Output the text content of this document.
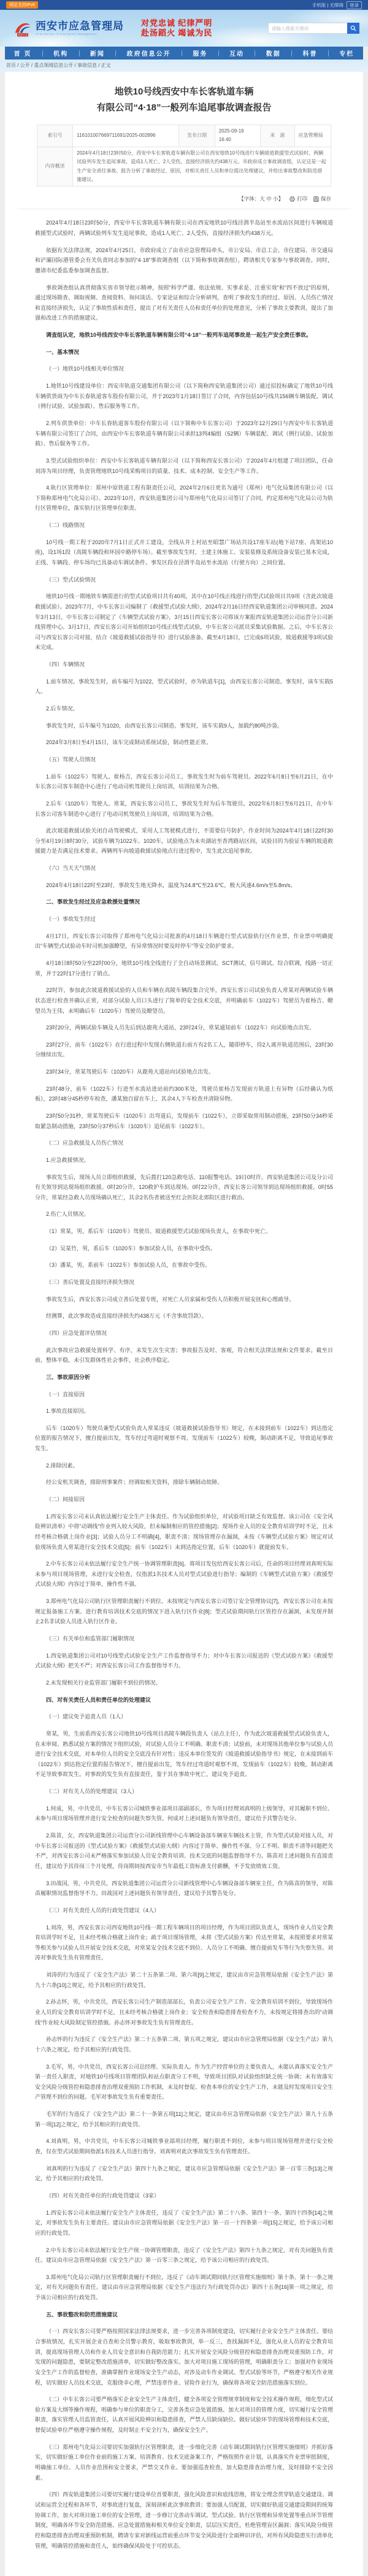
网站支持IPv6	手机版 | 无障碍	登录
西安应急
西安市应急管理局
Xi'an Bureau of Emergency Management
对党忠诚 纪律严明
赴汤蹈火 竭诚为民
请输入搜索关键词
首 页	机构	新闻	政府信息公开	服务	互动	数据	科普	专栏
首页 / 公开 / 重点领域信息公开 / 事故信息 / 正文
地铁10号线西安中车长客轨道车辆
有限公司“4·18”一般列车追尾事故调查报告
索引号	116101007669711691/2025-002896	发布日期	2025-09-19 16:40	来　源	应急管理局
内容概述	2024年4月18日23时50分，西安中车长客轨道车辆有限公司在西安地铁10号线进行车辆坡道救援型式试验时，两辆试验列车发生追尾事故，造成1人死亡、2人受伤，直接经济损失约438万元。市政府成立事故调查组，认定这是一起生产安全责任事故。报告分析了事故经过、原因，对相关责任人员和单位提出处理建议，并给出事故整改和防范措施建议。				
【字体：大 中 小】	打印	保存

2024年4月18日23时50分，西安中车长客轨道车辆有限公司在西安地铁10号线泾渭半岛站至水流站区间进行车辆坡道救援型式试验时，两辆试验列车发生追尾事故，造成1人死亡、2人受伤，直接经济损失约438万元。

依据有关法律法规，2024年4月25日，市政府成立了由市应急管理局牵头，市公安局、市总工会、市住建局、市交通局和浐灞国际港管委会有关负责同志参加的“4·18”事故调查组（以下简称事故调查组），聘请相关专家参与事故调查。同时，邀请市纪委监委参加调查监督。

事故调查组认真贯彻落实省市领导批示精神，按照“科学严谨、依法依规、实事求是、注重实效”和“四不放过”的原则，通过现场勘查、调取视频、查阅资料、询问谈话、专家论证和综合分析研判，查明了事故发生的经过、原因、人员伤亡情况和直接经济损失，认定了事故性质和责任，提出了对有关责任人员和责任单位的处理意见，分析了事故主要教训，提出了加强和改进工作的措施建议。

调查组认定，地铁10号线西安中车长客轨道车辆有限公司“4·18”一般列车追尾事故是一起生产安全责任事故。

一、基本情况

（一）地铁10号线相关单位情况

1.地铁10号线建设单位：西安市轨道交通集团有限公司（以下简称西安轨道集团公司）通过招投标确定了地铁10号线车辆供货商为中车长春轨道客车股份有限公司，并于2023年1月18日签订了合同，内容包括10号线共156辆车辆装配、调试（例行试验、试验加载）、售后服务等工作。

2.列车供货单位：中车长春轨道客车股份有限公司（以下简称中车长客公司）于2023年12月29日与西安中车长客轨道车辆有限公司签订了合同，由西安中车长客轨道车辆有限公司承担13列4编组（52辆）车辆装配、调试（例行试验、试验加载）、售后服务等工作。

3.型式试验组织单位：西安中车长客轨道车辆有限公司（以下简称西安长客公司）于2024年4月组建了项目团队，任命刘涛为项目经理，负责管理地铁10号线采购项目的质量、技术、成本控制、安全生产等工作。

4.轨行区管理单位：郑州中原铁道工程有限责任公司，2024年2月6日更名为通号（郑州）电气化局集团有限公司（以下简称郑州电气化局公司）。2023年10月，西安轨道集团公司与郑州电气化局公司签订了合同，约定郑州电气化局公司为轨行区管理单位，落实轨行区管理单位职责。

（二）线路情况

10号线一期工程于2020年7月1日正式开工建设，全线从井上村站至昭慧广场站共设17座车站(地下站7座、高架站10座)，设1场1段（高陵车辆段和环园中路停车场）。截至事故发生时，土建主体施工、安装装修及系统设备安装已基本完成，正线、车辆段、停车场均已具备动车调试条件。事发区段在泾渭半岛站至水流站（行驶方向）之间位置。

（三）型式试验情况

地铁10号线一期地铁车辆需进行的型式试验项目共有40项，其中在10号线正线进行的型式试验项目共9项（含此次坡道救援试验）。2023年7月，中车长客公司编制了《救援型式试验大纲》，2024年2月16日经西安轨道集团公司审核同意。2024年3月13日，中车长客公司制定了《车辆型式试验方案》，3月15日西安长客公司将该方案报西安轨道集团公司运营分公司新线管理中心。3月17日，西安长客公司开始组织10号线正线型式试验，中车长客公司派员采集试验数据。之后，中车长客公司与西安长客公司对接，结合《坡道救援试验指导书》进行试验准备。截至4月18日，已完成6项试验，坡道救援等3项试验未完成。

（四）车辆情况

1.前车情况。事故发生时，前车编号为1022，型式试验时，亦为轨道车[1]，由西安长客公司制造。事发时，该车实载5人。

2.后车情况。

事故发生时，后车编号为1020，由西安长客公司制造。事发时，该车实载9人，加载约80吨沙袋。

2024年3月8日至4月15日，该车完成制动系统试验，制动性能正常。

（五）驾驶人员情况

1.前车（1022车）驾驶人。崔杨吉，西安长客公司员工，事故发生时为前车驾驶员。2022年6月8日至6月21日，在中车长客公司客车制造中心进行了电动司机驾驶员上岗培训，培训结果为合格。

2.后车（1020车）驾驶人。常某，西安长客公司员工，事故发生时为后车驾驶员。2022年6月8日至6月21日，在中车长客公司客车制造中心进行了电动司机驾驶员上岗培训，培训结果为合格。

此次坡道救援试验关闭自动驾驶模式，采用人工驾驶模式进行，不需要信号防护。作业时间为2024年4月18日22时30分至4月19日8时30分，试验车辆为1022车、1020车，试验地点为未央湖站至香湾路站区间，试验目的为验证车辆的坡道救援能力是否满足技术要求。两辆列车向坡道救援试验地点行进过程中，发生此次追尾事故。

（六）当天天气情况

2024年4月18日22时至23时，事故发生地无降水，温度为24.8℃至23.6℃，极大风速4.6m/s至5.8m/s。

二、事故发生经过及应急救援处置情况

（一）事故发生经过

4月17日，西安长客公司取得了郑州电气化局公司批准的4月18日车辆进行型式试验轨行区作业票，作业票中明确提出“车辆型式试验动车时司机加强瞭望，有异常情况时要及时停车”等安全防护要求。

4月18日8时50分至22时00分，地铁10号线全线进行了全自动场景测试、SCT测试、信号调试、综合联调，线路一切正常，并于22时17分进行了销点。

22时许，参加此次坡道救援试验的人员和车辆在高陵车辆段集合完毕，西安长客公司试验负责人常某对两辆试验车辆状态进行检查并确认正常，对部分试验人员口头进行了简单的安全技术交底，并明确前车（1022车）驾驶员为崔杨吉、瞭望员为王伟，未明确后车（1020车）驾驶员及瞭望员。

23时20分，两辆试验车辆及人员先后到达鹿苑大道站，23时24分，常某通知前车（1022车）向试验地点出发。

23时27分，前车（1022车）在行进过程中发现右侧轨道右前方有2名工人，随即停车，待2人离开轨道范围后，23时30分继续出发。

23时34分，常某驾驶后车（1020车）从鹿苑大道站向试验地点出发。

23时48分，前车（1022车）行进至水流站进站前约300米处，驾驶员崔杨吉发现前方轨道上有异物（后经确认为纸板），23时48分45秒停车检查，潘某独自留在车上，其余4人下车检查并清除异物。

23时50分31秒，常某驾驶后车（1020车）出弯道后，发现前车（1022车），立即采取常用制动措施，23时50分34秒采取紧急制动措施，23时50分37秒后车（1020车）追尾前车（1022车）。

（二）应急救援及人员伤亡情况

1.应急救援情况。

事故发生后，现场人员立即组织救援，先后拨打120急救电话、110报警电话。19日0时许，西安轨道集团公司及分公司有关领导到达现场组织救援。0时20分许，120救护车到达现场。0时22分许，西安长客公司领导到达现场组织救援。0时55分许，常某经急救人员现场确认死亡，其余2名伤者被送至红会医院北郊院区进行救治。

2.伤亡人员情况。

（1）常某，男，系后车（1020车）驾驶员、坡道救援型式试验现场负责人，在事故中死亡。

（2）吴某竹，男，系后车（1020车）参加试验人员，在事故中受伤。

（3）潘某，男，系前车（1022车）参加试验人员，在事故中受伤。

（三）善后处置及直接经济损失情况

事故发生后，西安长客公司成立善后处置专班，对死亡人员家属和受伤人员积极开展安抚和心理疏导。

经测算，此次事故造成直接经济损失约438万元（不含事故罚款）。

（四）应急处置评估情况

此次事故应急救援处置科学、有序，未发生次生灾害；事故报告及时、客观，符合相关法律法规和文件要求。截至目前，整体平稳，未引发群体性社会事件，社会秩序稳定。

三、事故原因分析

（一）直接原因

1.事故直接原因。

后车（1020车）驾驶员兼型式试验负责人常某违反《坡道救援试验指导书》规定，在未接到前车（1022车）到达指定位置的报告情况下，擅自提前出发，驾车经过弯道时观察不周，发现前车（1022车）较晚，制动距离不足，导致追尾事故发生。

2.排除因素。

经公安机关调查，排除刑事案件；经调取相关资料，排除车辆制动故障。

（二）间接原因

1.西安长客公司未认真依法履行安全生产主体责任。作为试验组织单位，对试验项目缺乏有效监督。该公司在《安全风险辨识清单》中将“动调线”作业列入较大风险，但未编制相应的管控措施[2]；现场作业人员的安全教育培训学时不足，且未经考核合格就上岗作业[3]；试验人员分工不明确[4]，职责不清；现场管理存在漏洞，未按《车辆型式试验方案》规定对试验现场负责人常某进行安全技术交底[5]；前车（1022车）未到达指定位置，后车（1020车）就提前发车。

2.中车长客公司未依法履行安全生产统一协调管理职责[6]。将项目发包给西安长客公司后，任命的项目经理刘真明实际未参与项目现场管理，未进行安全检查，仅指派1名技术人员对型式试验进行指导；编制的《车辆型式试验方案》《救援型式试验大纲》内容过于简单，操作性不强。

3.郑州电气化局公司轨行区管理职责履行不到位。未按规定与西安长客公司签订安全管理协议[7]，西安长客公司在未按规定报备施工方案、进行教育培训技术交底的情况下进入轨行区作业[8]；型式试验期间轨行区管控存在漏洞，未发现并制止2名非试验人员进入轨行区作业。

（三）有关单位和监管部门履职情况

1.西安轨道集团公司对10号线型式试验安全生产工作监督指导不力；对中车长客公司报送的《型式试验方案》《救援型式试验大纲》把关不严；对西安长客公司工作监督指导不力。

2.未发现相关行业监管部门履职不到位的情况。

四、对有关责任人员和责任单位的处理建议

（一）建议免予追责人员（1人）

常某，男，生前系西安长客公司地铁10号线项目高陵车辆段负责人（站点主任），作为此次坡道救援型式试验负责人，在未审阅、熟悉试验方案的情况下组织试验，对试验人员分工不明确、职责不清；试验前，未对现场其他单位参与试验人员进行安全技术交底，对本单位人员的安全交底没有针对性；违反本单位签发的《坡道救援试验指导书》规定，在未接到前车（1022车）到达指定位置的报告情况下，擅自提前出发，驾车经过弯道时观察不周，发现前车（1022车）较晚，制动距离不足导致事故发生。对事故的发生负有直接责任，鉴于其在事故中死亡，建议免予追责。

（二）对有关人员的处理建议（3人）

1.何成，男，中共党员，中车长客公司城铁事业部项目部副部长，作为项目经理刘真明的上级领导，对其履职不到位、未参与项目现场管理并进行安全检查的问题失察失管。何成对上述问题负有领导责任，建议给予其警告处分。

2.陈苗，女，西安轨道集团公司运营分公司新线管理中心车辆设备部车辆室车辆技术主管，作为型式试验对接人员，对中车长客公司报送的《型式试验方案》《救援型式试验大纲》内容过于简单、操作性不强、分工不明、职责不清等问题把关不严，对西安长客公司未严格落实参加试验人员安全教育培训、技术交底的问题监督指导不力。陈苗对上述问题负有直接责任，建议给予其待岗三个月处理，待岗期间按西安市当年最低工资标准支付薪酬，不予发放绩效工资。

3.田战国，男，中共党员，西安轨道集团公司运营分公司新线管理中心车辆设备部车辆室主任，作为陈苗的领导，对陈苗履职情况监督指导不力。田战国对上述问题负有领导责任，建议给予其警告处分。

（三）对有关责任人员的行政处罚建议（4人）

1.刘涛，男，西安长客公司西安地铁10号线一期工程车辆项目的项目经理，作为项目团队负责人，现场作业人员安全教育培训学时不足，且未经考核合格就上岗作业；疏于项目现场管理，未将《型式试验方案》传达至常某，未按照要求对常某等相关参与试验人员开展安全技术交底，对常某安全技术交底不到位、人员分工不明确、擅自提前发车等行为失察失管。刘涛对事故发生负有管理责任。

刘涛的行为违反了《安全生产法》第二十五条第二项、第六项[9]之规定，建议由市应急管理局依据《安全生产法》第九十六条[10]之规定，给予其相应的行政处罚。

2.孙志怀，男，中共党员，西安长客公司生产制造部部长，负责公司安全生产工作。安全教育培训不到位，导致现场作业人员的安全教育培训学时不足，且未经考核合格就上岗作业；安全检查和隐患排查检查不力，未按规定将排查出的“动调线”作业较大风险制定管控措施。孙志怀对事故发生负有管理责任。

孙志怀的行为违反了《安全生产法》第二十五条第二项、第五项之规定，建议由市应急管理局依据《安全生产法》第九十六条之规定，给予其相应的行政处罚。

3.毛军，男，中共党员，西安长客公司总经理、实际负责人。作为生产经营单位的主要负责人，未能认真落实安全生产第一责任人职责，对地铁10号线项目管理团队和站点职责分工不明，导致项目团队对试验组织缺乏统一协调；未有效落实安全风险分级管控和隐患排查治理双重预防工作机制，未及时督促、检查本单位的安全生产工作，未能及时发现项目安全生产管理不到位的问题。毛军对事故发生负有重要责任。

毛军的行为违反了《安全生产法》第二十一条第五项[11]之规定，建议由市应急管理局依据《安全生产法》第九十五条第一项[12]之规定，给予其相应的行政处罚。

4.刘真明，男，中共党员，中车长客公司城铁事业部项目经理，履行职责不到位，未参与项目现场管理并进行安全检查，仅在型式试验期间指派1名技术人员进行指导。刘真明对此次事故发生负有管理责任。

刘真明的行为违反了《安全生产法》第四十九条之规定，建议市应急管理局依据《安全生产法》第一百零三条[13]之规定，给予其相应的行政处罚。

（四）对有关责任单位的行政处罚建议（3家）

1.西安长客公司未依法履行安全生产主体责任，违反了《安全生产法》第二十八条、第四十一条、第四十四条[14]之规定，对事故发生负有主要责任。建议由市应急管理局依据《安全生产法》第一百一十四条第一项[15]之规定，给予该公司相应的行政处罚。

2.中车长客公司未依法履行安全生产统一协调管理职责，违反了《安全生产法》第四十九条之规定，对有关问题负有责任。建议由市应急管理局依据《安全生产法》第一百零三条之规定，给予该公司相应的行政处罚。

3.郑州电气化局公司轨行区管理职责履行不到位，违反了《动车调试期间轨行区管理实施细则》第十条、第十一条之规定，对有关问题负有责任。建议由市应急管理局依据《安全生产违法行为行政处罚办法》第四十五条[16]第一项之规定，给予该公司相应的行政处罚。

五、事故整改和防范措施建议

（一）西安长客公司要严格按照国家法律法规要求，进一步完善各项制度建设，切实履行企业安全生产主体责任。要结合事故情况，扎实开展企业自查和全员警示教育，吸取事故教训，举一反三，查找漏洞不足，强化从业人员的安全教育培训，提高现场管理人员和作业人员安全意识和自我防范能力；扎实开展安全风险分级管控和隐患排查治理双重预防工作，对发现的问题隐患，要制定整改措施清单，切实做好整改落实。加大对项目施工现场的管理，明确职责分工；加强对作业现场安全生产工作的监督检查，准确掌握作业现场安全生产动态，对涉及动车作业调试、型式试验等环节，严格遵守相关作业规程，切实做好人员技术交底，克服侥幸心理，严禁违章作业、冒险作业行为，确保将各项安全防范措施落实到位。

（二）中车长客公司要严格落实企业安全生产主体责任，健全各项安全管理规章制度和安全技术操作规程，细化型式试验方案及大纲等操作规程，明确参与单位的职责分工，完善各类应急处置措施。加大对项目的管理力度，切实履行安全管理职责，落实管理人员监管责任，认真开展风险辨识和隐患排查，严禁人员缺岗缺位。做好试验环节的现场管理和技术交底，督促试验单位严格遵守操作规程，及时制止不安全行为，确保安全生产。

（三）郑州电气化局公司要切实加强轨行区管理职责，进一步细化完善《动车调试期间轨行区管理实施细则》并抓好落实，切实做好施工单位作业前的施工方案、培训教育、技术交底备案工作，严格按照作业计划，认真落实作业票审批制度，明确施工单位、人员作业范围和安全要求，严禁交叉作业。要加强巡查检查，加大隐患排查治理力度，及时排除不安全因素。

（四）西安轨道集团公司要切实履行建设单位首要职责，强化风险意识和底线思维，将安全理念贯穿轨道交通建设、调试和运营全过程和各环节，对事故进行复盘，深刻剖析此次事故教训；要加强人员配置，切实做好轨道交通建设期间的统筹协调工作，加大对项目施工单位的安全管理，进一步修订完善动车调试、型式试验、轨行区管理和异常处置等重点环节管理制度，明确各环节安全防范措施、应急处置措施和相关单位安全职责，层层压实责任，杜绝管理盲区漏洞；落实风险分级管控和隐患排查治理双重预防机制，聘请专家对新线运营前重点环节安全风险进行全面辨识评估，对所有风险隐患实行清单化管理，明确管控措施和责任人，始终确保风险处于可控状态。
